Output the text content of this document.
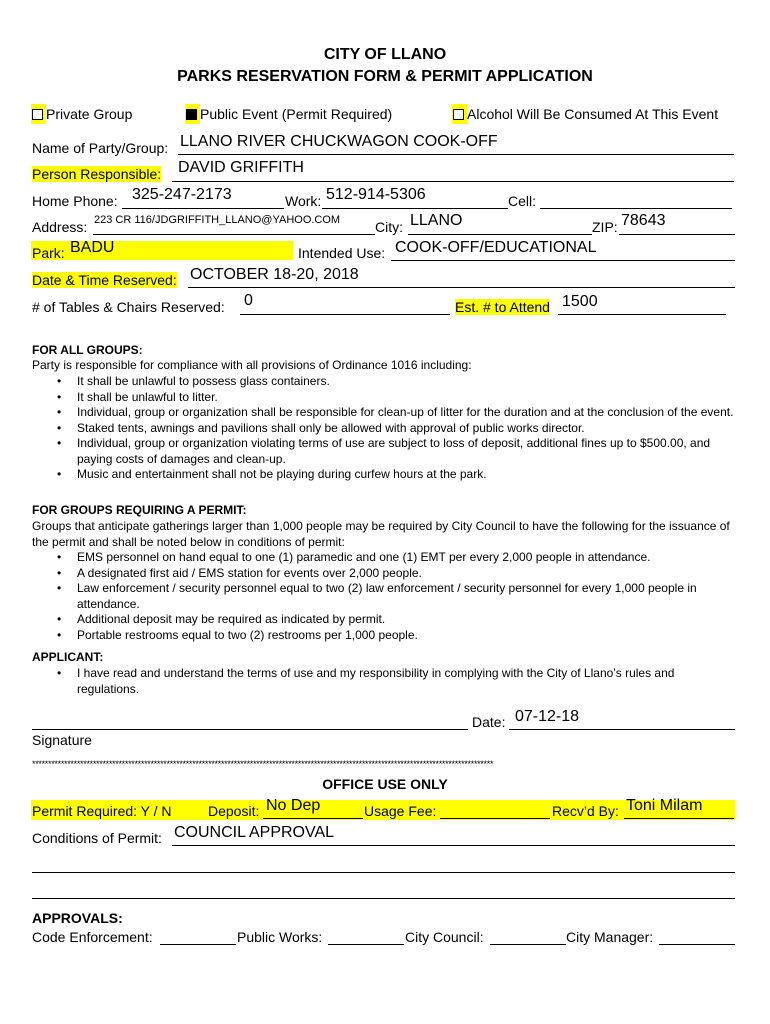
CITY OF LLANO
PARKS RESERVATION FORM & PERMIT APPLICATION
Private Group	Public Event (Permit Required)	Alcohol Will Be Consumed At This Event
Name of Party/Group: LLANO RIVER CHUCKWAGON COOK-OFF
Person Responsible: DAVID GRIFFITH
Home Phone: 325-247-2173	Work: 512-914-5306	Cell:
Address: 223 CR 116/JDGRIFFITH_LLANO@YAHOO.COM City: LLANO	ZIP: 78643
Park: BADU	Intended Use: COOK-OFF/EDUCATIONAL
Date & Time Reserved: OCTOBER 18-20, 2018
# of Tables & Chairs Reserved: 0	Est. # to Attend 1500
FOR ALL GROUPS:
Party is responsible for compliance with all provisions of Ordinance 1016 including:
• It shall be unlawful to possess glass containers.
• It shall be unlawful to litter.
• Individual, group or organization shall be responsible for clean-up of litter for the duration and at the conclusion of the event.
• Staked tents, awnings and pavilions shall only be allowed with approval of public works director.
• Individual, group or organization violating terms of use are subject to loss of deposit, additional fines up to $500.00, and paying costs of damages and clean-up.
• Music and entertainment shall not be playing during curfew hours at the park.
FOR GROUPS REQUIRING A PERMIT:
Groups that anticipate gatherings larger than 1,000 people may be required by City Council to have the following for the issuance of the permit and shall be noted below in conditions of permit:
• EMS personnel on hand equal to one (1) paramedic and one (1) EMT per every 2,000 people in attendance.
• A designated first aid / EMS station for events over 2,000 people.
• Law enforcement / security personnel equal to two (2) law enforcement / security personnel for every 1,000 people in attendance.
• Additional deposit may be required as indicated by permit.
• Portable restrooms equal to two (2) restrooms per 1,000 people.
APPLICANT:
• I have read and understand the terms of use and my responsibility in complying with the City of Llano’s rules and regulations.
Date: 07-12-18
Signature
************************************************************************************************************************************************
OFFICE USE ONLY
Permit Required: Y / N	Deposit: No Dep	Usage Fee:	Recv’d By: Toni Milam
Conditions of Permit: COUNCIL APPROVAL
APPROVALS:
Code Enforcement:	Public Works:	City Council:	City Manager:
